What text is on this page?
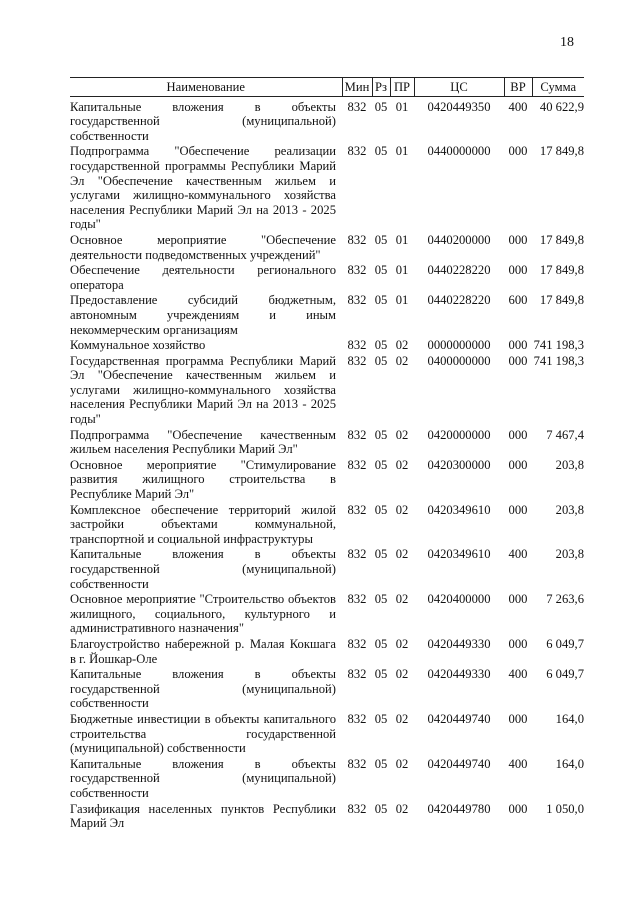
18
Наименование	Мин	Рз	ПР	ЦС	ВР	Сумма
Капитальные вложения в объекты государственной (муниципальной) собственности	832	05	01	0420449350	400	40 622,9
Подпрограмма "Обеспечение реализации государственной программы Республики Марий Эл "Обеспечение качественным жильем и услугами жилищно-коммунального хозяйства населения Республики Марий Эл на 2013 - 2025 годы"	832	05	01	0440000000	000	17 849,8
Основное мероприятие "Обеспечение деятельности подведомственных учреждений"	832	05	01	0440200000	000	17 849,8
Обеспечение деятельности регионального оператора	832	05	01	0440228220	000	17 849,8
Предоставление субсидий бюджетным, автономным учреждениям и иным некоммерческим организациям	832	05	01	0440228220	600	17 849,8
Коммунальное хозяйство	832	05	02	0000000000	000	741 198,3
Государственная программа Республики Марий Эл "Обеспечение качественным жильем и услугами жилищно-коммунального хозяйства населения Республики Марий Эл на 2013 - 2025 годы"	832	05	02	0400000000	000	741 198,3
Подпрограмма "Обеспечение качественным жильем населения Республики Марий Эл"	832	05	02	0420000000	000	7 467,4
Основное мероприятие "Стимулирование развития жилищного строительства в Республике Марий Эл"	832	05	02	0420300000	000	203,8
Комплексное обеспечение территорий жилой застройки объектами коммунальной, транспортной и социальной инфраструктуры	832	05	02	0420349610	000	203,8
Капитальные вложения в объекты государственной (муниципальной) собственности	832	05	02	0420349610	400	203,8
Основное мероприятие "Строительство объектов жилищного, социального, культурного и административного назначения"	832	05	02	0420400000	000	7 263,6
Благоустройство набережной р. Малая Кокшага в г. Йошкар-Оле	832	05	02	0420449330	000	6 049,7
Капитальные вложения в объекты государственной (муниципальной) собственности	832	05	02	0420449330	400	6 049,7
Бюджетные инвестиции в объекты капитального строительства государственной (муниципальной) собственности	832	05	02	0420449740	000	164,0
Капитальные вложения в объекты государственной (муниципальной) собственности	832	05	02	0420449740	400	164,0
Газификация населенных пунктов Республики Марий Эл	832	05	02	0420449780	000	1 050,0
